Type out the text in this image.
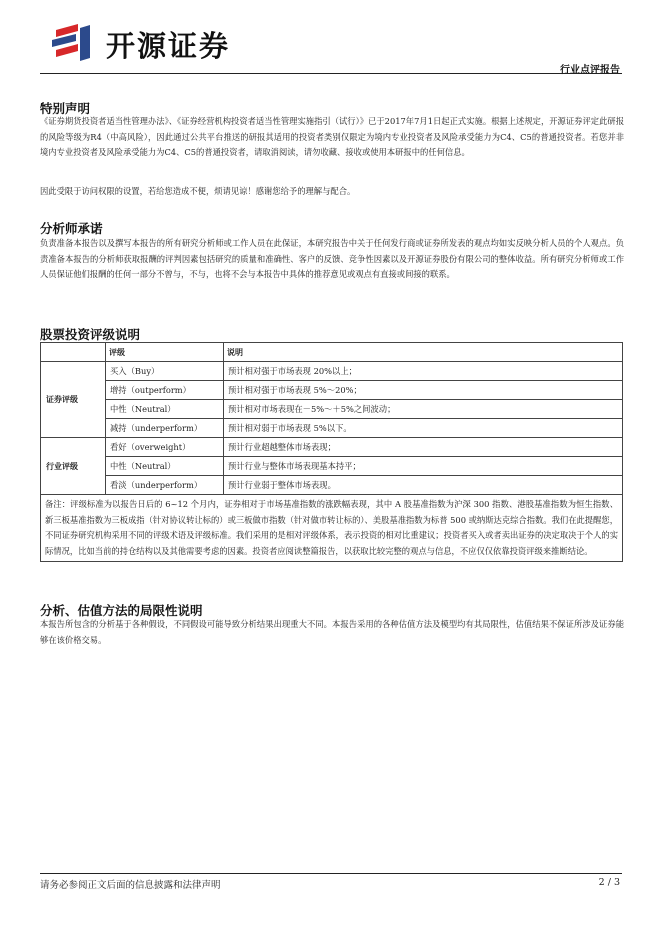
开源证券
行业点评报告
特别声明
《证券期货投资者适当性管理办法》、《证券经营机构投资者适当性管理实施指引（试行）》已于2017年7月1日起正式实施。根据上述规定，开源证券评定此研报的风险等级为R4（中高风险），因此通过公共平台推送的研报其适用的投资者类别仅限定为境内专业投资者及风险承受能力为C4、C5的普通投资者。若您并非境内专业投资者及风险承受能力为C4、C5的普通投资者，请取消阅读，请勿收藏、接收或使用本研报中的任何信息。
因此受限于访问权限的设置，若给您造成不便，烦请见谅！感谢您给予的理解与配合。
分析师承诺
负责准备本报告以及撰写本报告的所有研究分析师或工作人员在此保证，本研究报告中关于任何发行商或证券所发表的观点均如实反映分析人员的个人观点。负责准备本报告的分析师获取报酬的评判因素包括研究的质量和准确性、客户的反馈、竞争性因素以及开源证券股份有限公司的整体收益。所有研究分析师或工作人员保证他们报酬的任何一部分不曾与，不与，也将不会与本报告中具体的推荐意见或观点有直接或间接的联系。
股票投资评级说明
	评级	说明
证券评级	买入（Buy）	预计相对强于市场表现 20%以上；
	增持（outperform）	预计相对强于市场表现 5%～20%；
	中性（Neutral）	预计相对市场表现在－5%～＋5%之间波动；
	减持（underperform）	预计相对弱于市场表现 5%以下。
行业评级	看好（overweight）	预计行业超越整体市场表现；
	中性（Neutral）	预计行业与整体市场表现基本持平；
	看淡（underperform）	预计行业弱于整体市场表现。
备注：评级标准为以报告日后的 6~12 个月内，证券相对于市场基准指数的涨跌幅表现，其中 A 股基准指数为沪深 300 指数、港股基准指数为恒生指数、新三板基准指数为三板成指（针对协议转让标的）或三板做市指数（针对做市转让标的）、美股基准指数为标普 500 或纳斯达克综合指数。我们在此提醒您，不同证券研究机构采用不同的评级术语及评级标准。我们采用的是相对评级体系，表示投资的相对比重建议；投资者买入或者卖出证券的决定取决于个人的实际情况，比如当前的持仓结构以及其他需要考虑的因素。投资者应阅读整篇报告，以获取比较完整的观点与信息，不应仅仅依靠投资评级来推断结论。		
分析、估值方法的局限性说明
本报告所包含的分析基于各种假设，不同假设可能导致分析结果出现重大不同。本报告采用的各种估值方法及模型均有其局限性，估值结果不保证所涉及证券能够在该价格交易。
请务必参阅正文后面的信息披露和法律声明	2 / 3
